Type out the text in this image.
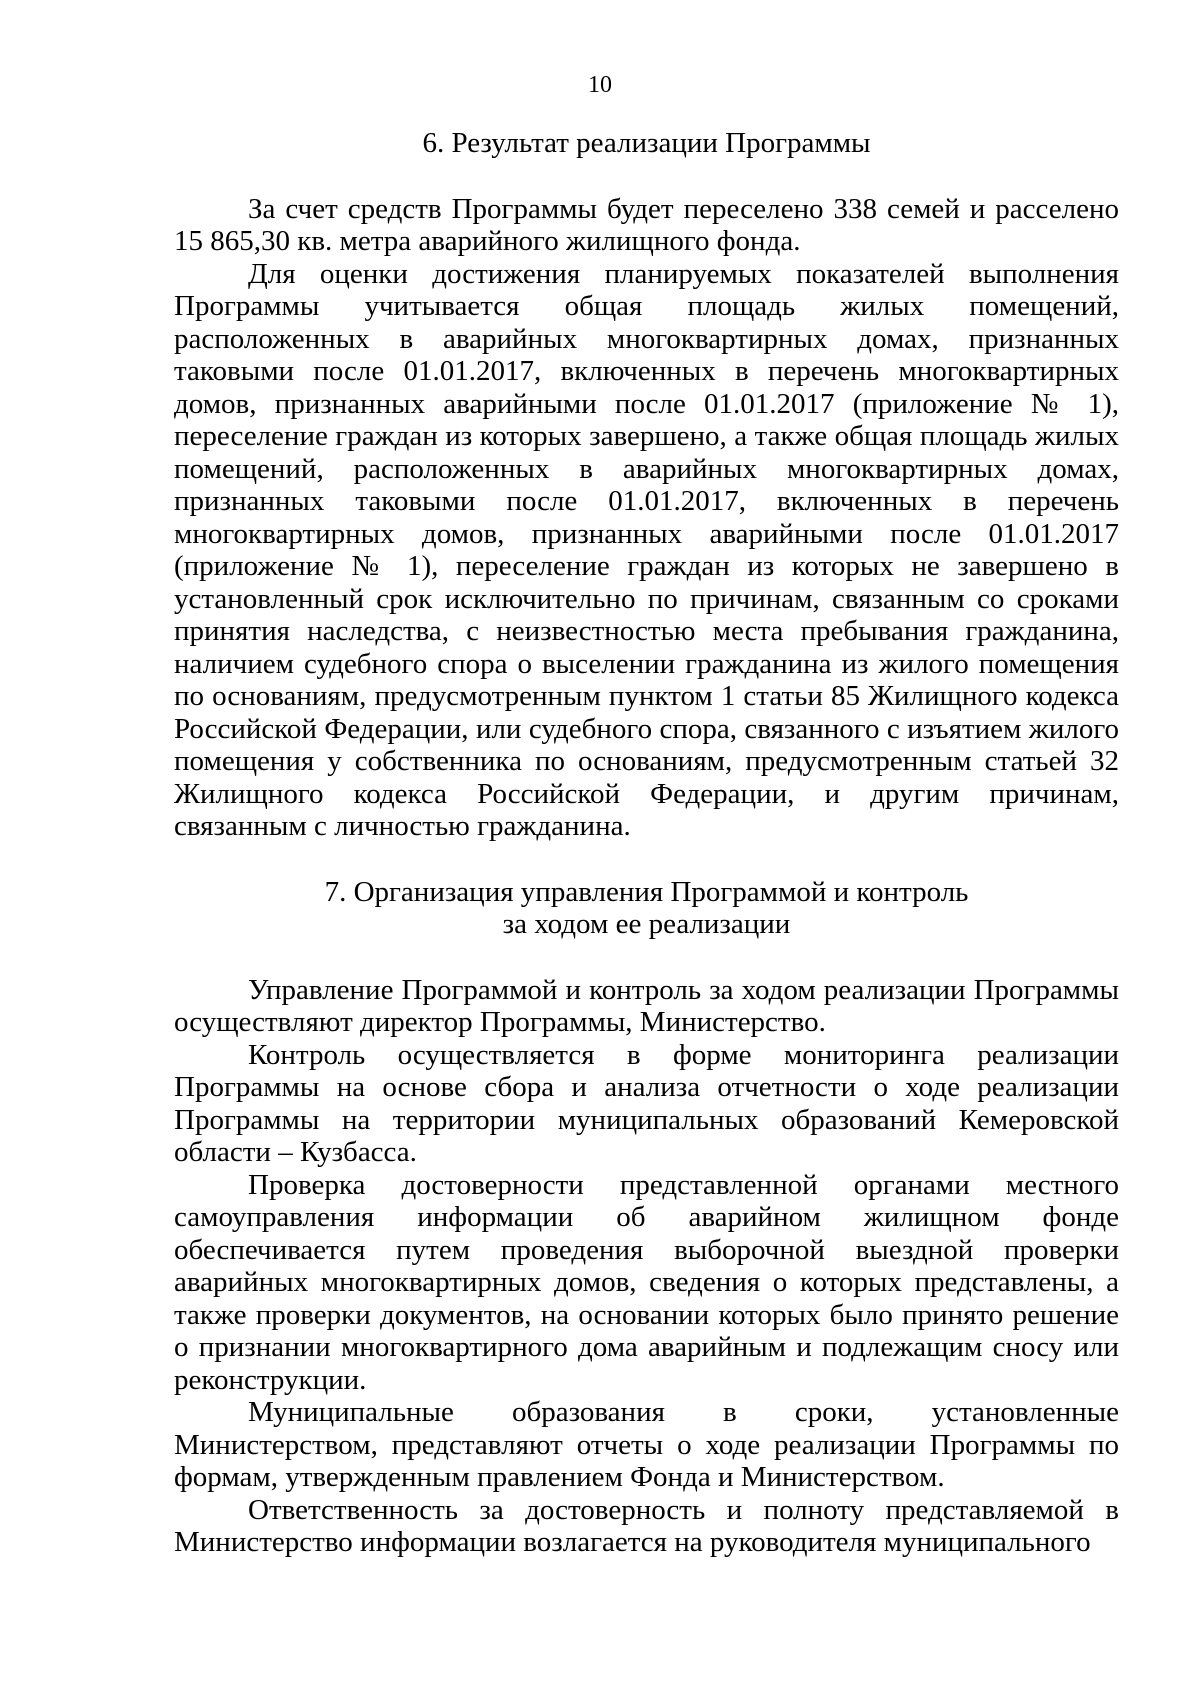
10
6. Результат реализации Программы

За счет средств Программы будет переселено 338 семей и расселено 15 865,30 кв. метра аварийного жилищного фонда.

Для оценки достижения планируемых показателей выполнения Программы учитывается общая площадь жилых помещений, расположенных в аварийных многоквартирных домах, признанных таковыми после 01.01.2017, включенных в перечень многоквартирных домов, признанных аварийными после 01.01.2017 (приложение № 1), переселение граждан из которых завершено, а также общая площадь жилых помещений, расположенных в аварийных многоквартирных домах, признанных таковыми после 01.01.2017, включенных в перечень многоквартирных домов, признанных аварийными после 01.01.2017 (приложение № 1), переселение граждан из которых не завершено в установленный срок исключительно по причинам, связанным со сроками принятия наследства, с неизвестностью места пребывания гражданина, наличием судебного спора о выселении гражданина из жилого помещения по основаниям, предусмотренным пунктом 1 статьи 85 Жилищного кодекса Российской Федерации, или судебного спора, связанного с изъятием жилого помещения у собственника по основаниям, предусмотренным статьей 32 Жилищного кодекса Российской Федерации, и другим причинам, связанным с личностью гражданина.

7. Организация управления Программой и контроль
за ходом ее реализации

Управление Программой и контроль за ходом реализации Программы осуществляют директор Программы, Министерство.

Контроль осуществляется в форме мониторинга реализации Программы на основе сбора и анализа отчетности о ходе реализации Программы на территории муниципальных образований Кемеровской области – Кузбасса.

Проверка достоверности представленной органами местного самоуправления информации об аварийном жилищном фонде обеспечивается путем проведения выборочной выездной проверки аварийных многоквартирных домов, сведения о которых представлены, а также проверки документов, на основании которых было принято решение о признании многоквартирного дома аварийным и подлежащим сносу или реконструкции.

Муниципальные образования в сроки, установленные Министерством, представляют отчеты о ходе реализации Программы по формам, утвержденным правлением Фонда и Министерством.

Ответственность за достоверность и полноту представляемой в Министерство информации возлагается на руководителя муниципального
